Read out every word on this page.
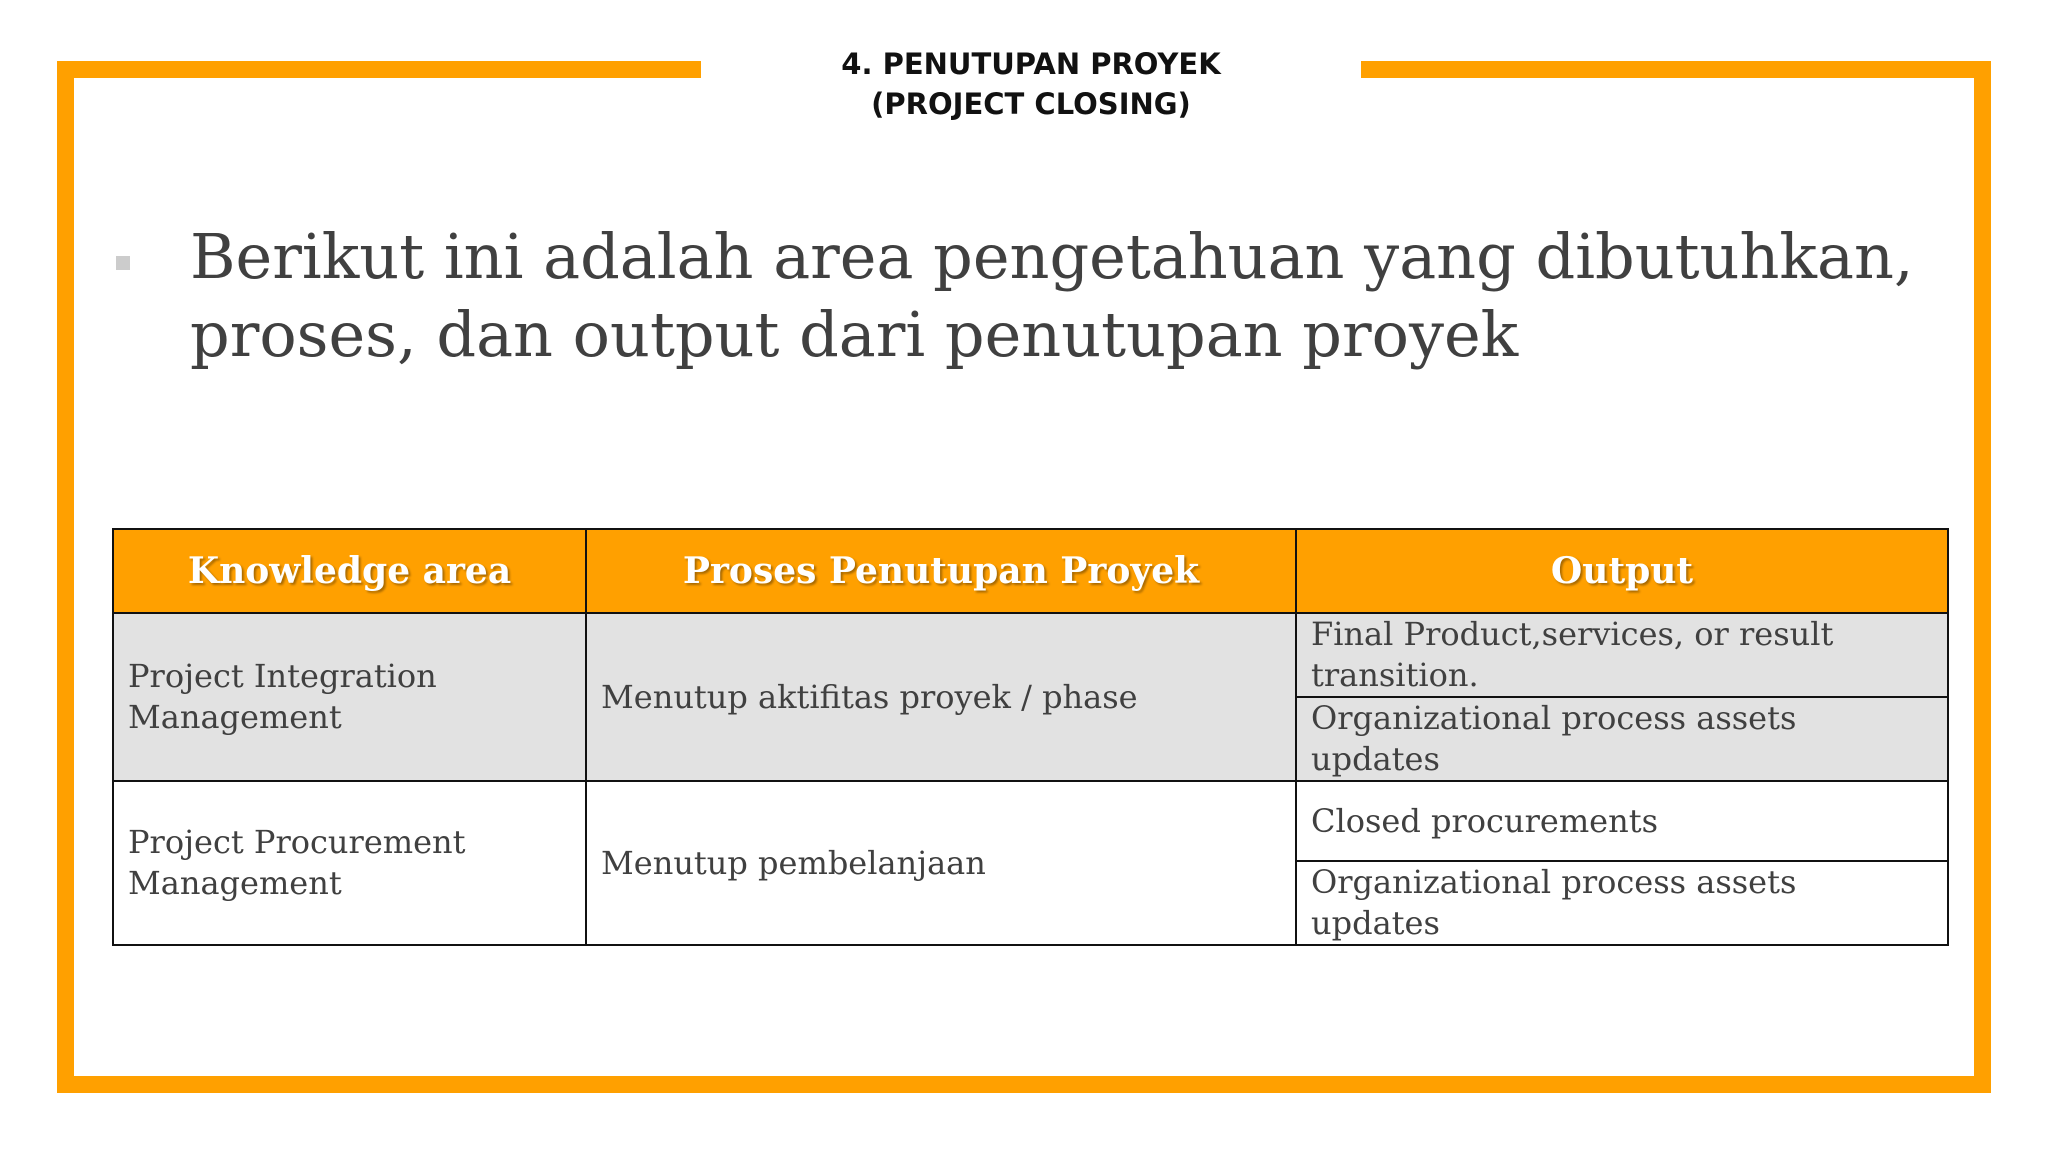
4. PENUTUPAN PROYEK
(PROJECT CLOSING)
Berikut ini adalah area pengetahuan yang dibutuhkan, proses, dan output dari penutupan proyek
Knowledge area	Proses Penutupan Proyek	Output
Project Integration Management	Menutup aktifitas proyek / phase	Final Product,services, or result transition.
		Organizational process assets updates
Project Procurement Management	Menutup pembelanjaan	Closed procurements
		Organizational process assets updates
